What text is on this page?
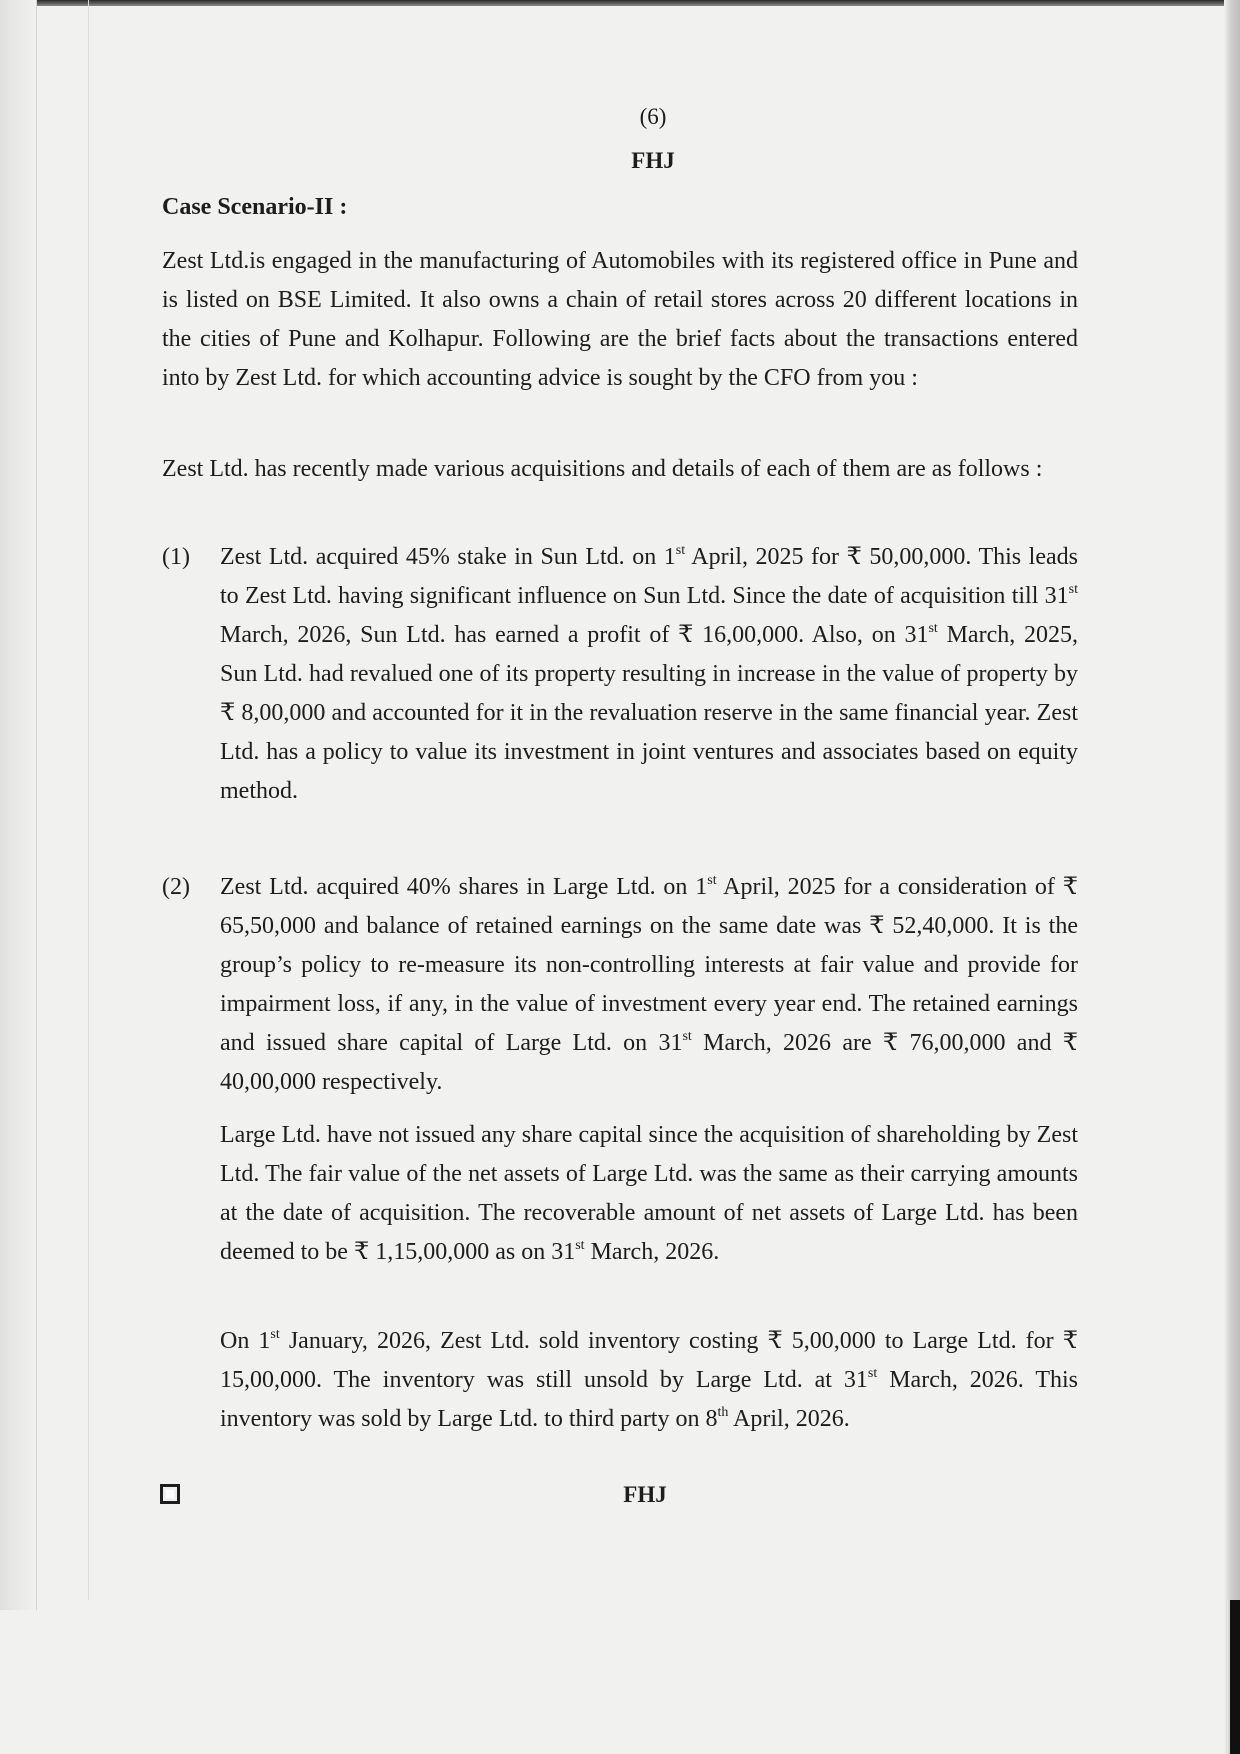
(6)
FHJ
Case Scenario-II :
Zest Ltd.is engaged in the manufacturing of Automobiles with its registered office in Pune and is listed on BSE Limited. It also owns a chain of retail stores across 20 different locations in the cities of Pune and Kolhapur. Following are the brief facts about the transactions entered into by Zest Ltd. for which accounting advice is sought by the CFO from you :
Zest Ltd. has recently made various acquisitions and details of each of them are as follows :
(1) Zest Ltd. acquired 45% stake in Sun Ltd. on 1st April, 2025 for ₹ 50,00,000. This leads to Zest Ltd. having significant influence on Sun Ltd. Since the date of acquisition till 31st March, 2026, Sun Ltd. has earned a profit of ₹ 16,00,000. Also, on 31st March, 2025, Sun Ltd. had revalued one of its property resulting in increase in the value of property by ₹ 8,00,000 and accounted for it in the revaluation reserve in the same financial year. Zest Ltd. has a policy to value its investment in joint ventures and associates based on equity method.
(2) Zest Ltd. acquired 40% shares in Large Ltd. on 1st April, 2025 for a consideration of ₹ 65,50,000 and balance of retained earnings on the same date was ₹ 52,40,000. It is the group’s policy to re-measure its non-controlling interests at fair value and provide for impairment loss, if any, in the value of investment every year end. The retained earnings and issued share capital of Large Ltd. on 31st March, 2026 are ₹ 76,00,000 and ₹ 40,00,000 respectively.
Large Ltd. have not issued any share capital since the acquisition of shareholding by Zest Ltd. The fair value of the net assets of Large Ltd. was the same as their carrying amounts at the date of acquisition. The recoverable amount of net assets of Large Ltd. has been deemed to be ₹ 1,15,00,000 as on 31st March, 2026.
On 1st January, 2026, Zest Ltd. sold inventory costing ₹ 5,00,000 to Large Ltd. for ₹ 15,00,000. The inventory was still unsold by Large Ltd. at 31st March, 2026. This inventory was sold by Large Ltd. to third party on 8th April, 2026.
FHJ
